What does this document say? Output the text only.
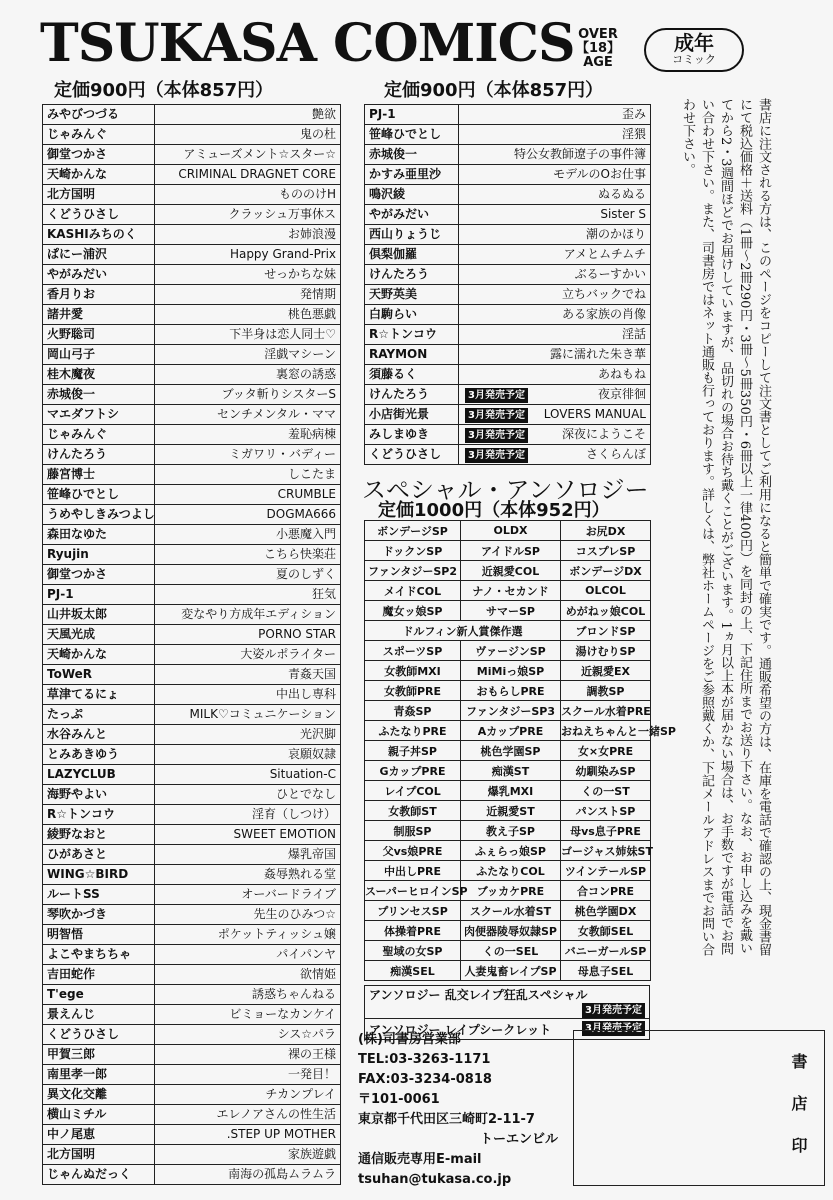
TSUKASA COMICS OVER
【18】
AGE
成年
コミック
定価900円（本体857円）	定価900円（本体857円）
みやびつづる	艶欲
じゃみんぐ	鬼の杜
御堂つかさ	アミューズメント☆スター☆
天崎かんな	CRIMINAL DRAGNET CORE
北方国明	もののけH
くどうひさし	クラッシュ万事休ス
KASHIみちのく	お姉浪漫
ぱにー浦沢	Happy Grand-Prix
やがみだい	せっかちな妹
香月りお	発情期
諸井愛	桃色悪戯
火野聡司	下半身は恋人同士♡
岡山弓子	淫戯マシーン
桂木魔夜	裏窓の誘惑
赤城俊一	ブッタ斬りシスターS
マエダフトシ	センチメンタル・ママ
じゃみんぐ	羞恥病棟
けんたろう	ミガワリ・バディー
藤宮博士	しこたま
笹峰ひでとし	CRUMBLE
うめやしきみつよし	DOGMA666
森田なゆた	小悪魔入門
Ryujin	こちら快楽荘
御堂つかさ	夏のしずく
PJ-1	狂気
山井坂太郎	変なやり方成年エディション
天風光成	PORNO STAR
天崎かんな	大姿ルポライター
ToWeR	青姦天国
草津てるにょ	中出し専科
たっぷ	MILK♡コミュニケーション
水谷みんと	光沢脚
とみあきゆう	哀願奴隷
LAZYCLUB	Situation-C
海野やよい	ひとでなし
R☆トンコウ	淫育（しつけ）
綾野なおと	SWEET EMOTION
ひがあさと	爆乳帝国
WING☆BIRD	姦辱熟れる堂
ルートSS	オーバードライブ
琴吹かづき	先生のひみつ☆
明智悟	ポケットティッシュ嬢
よこやまちちゃ	パイパンヤ
吉田蛇作	欲情姫
T'ege	誘惑ちゃんねる
景えんじ	ビミョーなカンケイ
くどうひさし	シス☆パラ
甲賀三郎	裸の王様
南里孝一郎	一発目！
異文化交離	チカンプレイ
横山ミチル	エレノアさんの性生活
中ノ尾恵	.STEP UP MOTHER
北方国明	家族遊戯
じゃんぬだっく	南海の孤島ムラムラ
PJ-1	歪み
笹峰ひでとし	淫猥
赤城俊一	特公女教師遼子の事件簿
かすみ亜里沙	モデルのOお仕事
鳴沢綾	ぬるぬる
やがみだい	Sister S
西山りょうじ	潮のかほり
倶梨伽羅	アメとムチムチ
けんたろう	ぶるーすかい
天野英美	立ちバックでね
白駒らい	ある家族の肖像
R☆トンコウ	淫話
RAYMON	露に濡れた朱き華
須藤るく	あねもね
けんたろう	3月発売予定 夜京徘徊

小店街光景	3月発売予定 LOVERS MANUAL

みしまゆき	3月発売予定 深夜にようこそ

くどうひさし	3月発売予定 さくらんぼ
スペシャル・アンソロジー
定価1000円（本体952円）
ボンデージSP	OLDX	お尻DX
ドックンSP	アイドルSP	コスプレSP
ファンタジーSP2	近親愛COL	ボンデージDX
メイドCOL	ナノ・セカンド	OLCOL
魔女ッ娘SP	サマーSP	めがねッ娘COL
ドルフィン新人賞傑作選		ブロンドSP
スポーツSP	ヴァージンSP	湯けむりSP
女教師MXI	MiMiっ娘SP	近親愛EX
女教師PRE	おもらしPRE	調教SP
青姦SP	ファンタジーSP3	スクール水着PRE
ふたなりPRE	AカップPRE	おねえちゃんと一緒SP
親子丼SP	桃色学園SP	女×女PRE
GカップPRE	痴漢ST	幼馴染みSP
レイプCOL	爆乳MXI	くの一ST
女教師ST	近親愛ST	パンストSP
制服SP	教え子SP	母vs息子PRE
父vs娘PRE	ふぇらっ娘SP	ゴージャス姉妹ST
中出しPRE	ふたなりCOL	ツインテールSP
スーパーヒロインSP	ブッカケPRE	合コンPRE
プリンセスSP	スクール水着ST	桃色学園DX
体操着PRE	肉便器陵辱奴隷SP	女教師SEL
聖域の女SP	くの一SEL	バニーガールSP
痴漢SEL	人妻鬼畜レイプSP	母息子SEL
アンソロジー 乱交レイプ狂乱スペシャル
3月発売予定

アンソロジー レイプシークレット	3月発売予定
(株)司書房営業部
TEL:03-3263-1171
FAX:03-3234-0818
〒101-0061
東京都千代田区三崎町2-11-7
トーエンビル
通信販売専用E-mail
tsuhan@tukasa.co.jp
書店に注文される方は、このページをコピーして注文書としてご利用になると簡単で確実です。通販希望の方は、在庫を電話で確認の上、現金書留にて税込価格＋送料（1冊～2冊290円・3冊～5冊350円・6冊以上一律400円）を同封の上、下記住所までお送り下さい。なお、お申し込みを戴いてから2・3週間ほどでお届けしていますが、品切れの場合お待ち戴くことがございます。1ヵ月以上本が届かない場合は、お手数ですが電話でお問い合わせ下さい。また、司書房ではネット通販も行っております。詳しくは、弊社ホームページをご参照戴くか、下記メールアドレスまでお問い合わせ下さい。
書店印
